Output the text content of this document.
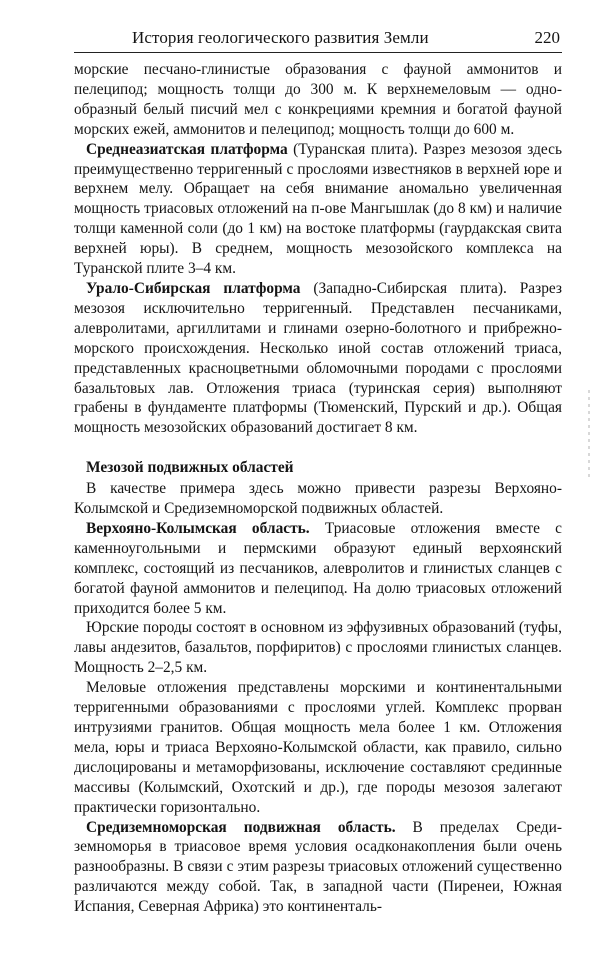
История геологического развития Земли	220

морские песчано-глинистые образования с фауной аммонитов и пелеципод; мощность толщи до 300 м. К верхнемеловым — однообразный белый писчий мел с конкрециями кремния и богатой фауной морских ежей, аммонитов и пелеципод; мощность толщи до 600 м.

Среднеазиатская платформа (Туранская плита). Разрез мезозоя здесь преимущественно терригенный с прослоями известняков в верхней юре и верхнем мелу. Обращает на себя внимание аномально увеличенная мощность триасовых отложений на п-ове Мангышлак (до 8 км) и наличие толщи каменной соли (до 1 км) на востоке платформы (гаурдакская свита верхней юры). В среднем, мощность мезозойского комплекса на Туранской плите 3–4 км.

Урало-Сибирская платформа (Западно-Сибирская плита). Разрез мезозоя исключительно терригенный. Представлен песчаниками, алевролитами, аргиллитами и глинами озерно-болотного и прибрежно-морского происхождения. Несколько иной состав отложений триаса, представленных красноцветными обломочными породами с прослоями базальтовых лав. Отложения триаса (туринская серия) выполняют грабены в фундаменте платформы (Тюменский, Пурский и др.). Общая мощность мезозойских образований достигает 8 км.

Мезозой подвижных областей

В качестве примера здесь можно привести разрезы Верхояно-Колымской и Средиземноморской подвижных областей.

Верхояно-Колымская область. Триасовые отложения вместе с каменноугольными и пермскими образуют единый верхоянский комплекс, состоящий из песчаников, алевролитов и глинистых сланцев с богатой фауной аммонитов и пелеципод. На долю триасовых отложений приходится более 5 км.

Юрские породы состоят в основном из эффузивных образований (туфы, лавы андезитов, базальтов, порфиритов) с прослоями глинистых сланцев. Мощность 2–2,5 км.

Меловые отложения представлены морскими и континентальными терригенными образованиями с прослоями углей. Комплекс прорван интрузиями гранитов. Общая мощность мела более 1 км. Отложения мела, юры и триаса Верхояно-Колымской области, как правило, сильно дислоцированы и метаморфизованы, исключение составляют срединные массивы (Колымский, Охотский и др.), где породы мезозоя залегают практически горизонтально.

Средиземноморская подвижная область. В пределах Средиземноморья в триасовое время условия осадконакопления были очень разнообразны. В связи с этим разрезы триасовых отложений существенно различаются между собой. Так, в западной части (Пиренеи, Южная Испания, Северная Африка) это континенталь-
